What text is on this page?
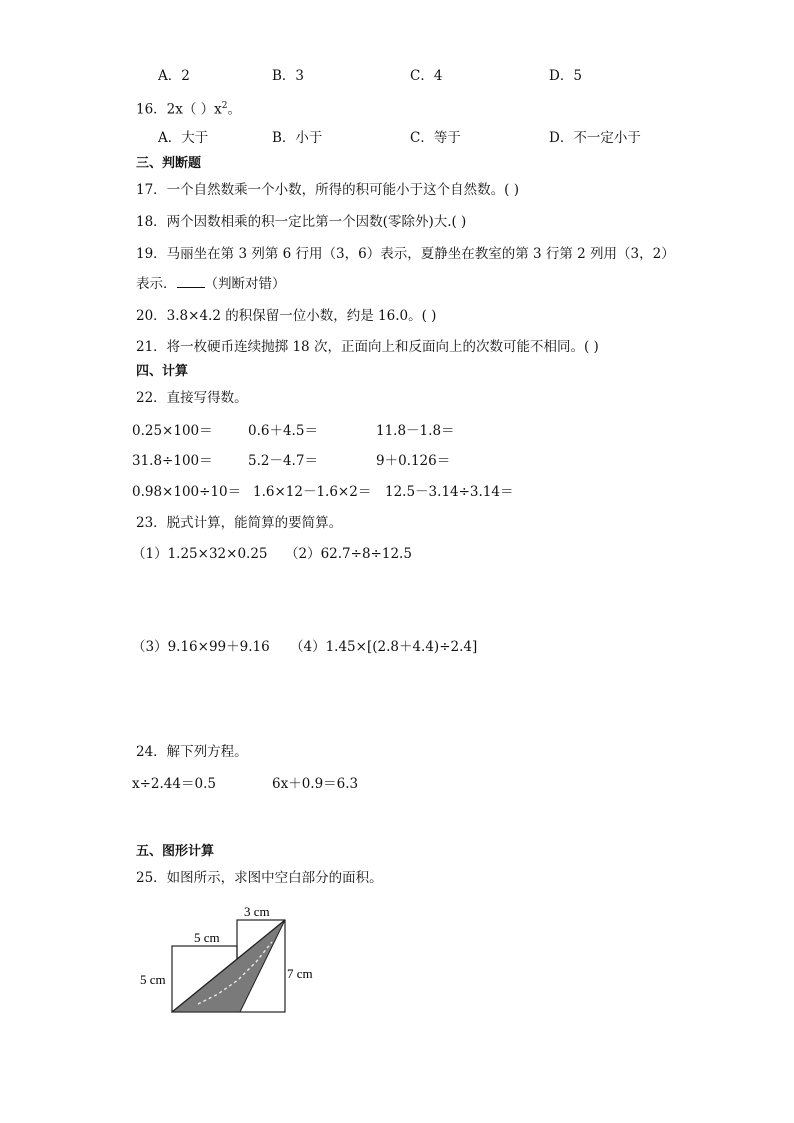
A．2	B．3	C．4	D．5
16．2x（ ）$x^2$。
A．大于	B．小于	C．等于	D．不一定小于
三、判断题
17．一个自然数乘一个小数，所得的积可能小于这个自然数。( )
18．两个因数相乘的积一定比第一个因数(零除外)大.( )
19．马丽坐在第 3 列第 6 行用（3，6）表示，夏静坐在教室的第 3 行第 2 列用（3，2）
表示． （判断对错）
20．3.8×4.2 的积保留一位小数，约是 16.0。( )
21．将一枚硬币连续抛掷 18 次，正面向上和反面向上的次数可能不相同。( )
四、计算
22．直接写得数。
0.25×100＝	0.6＋4.5＝	11.8－1.8＝
31.8÷100＝	5.2－4.7＝	9＋0.126＝
0.98×100÷10＝ 1.6×12－1.6×2＝ 12.5－3.14÷3.14＝
23．脱式计算，能简算的要简算。
（1）1.25×32×0.25 （2）62.7÷8÷12.5
（3）9.16×99＋9.16 （4）1.45×[(2.8＋4.4)÷2.4]
24．解下列方程。
x÷2.44＝0.5	6x＋0.9＝6.3
五、图形计算
25．如图所示，求图中空白部分的面积。
3 cm
5 cm
5 cm	7 cm
